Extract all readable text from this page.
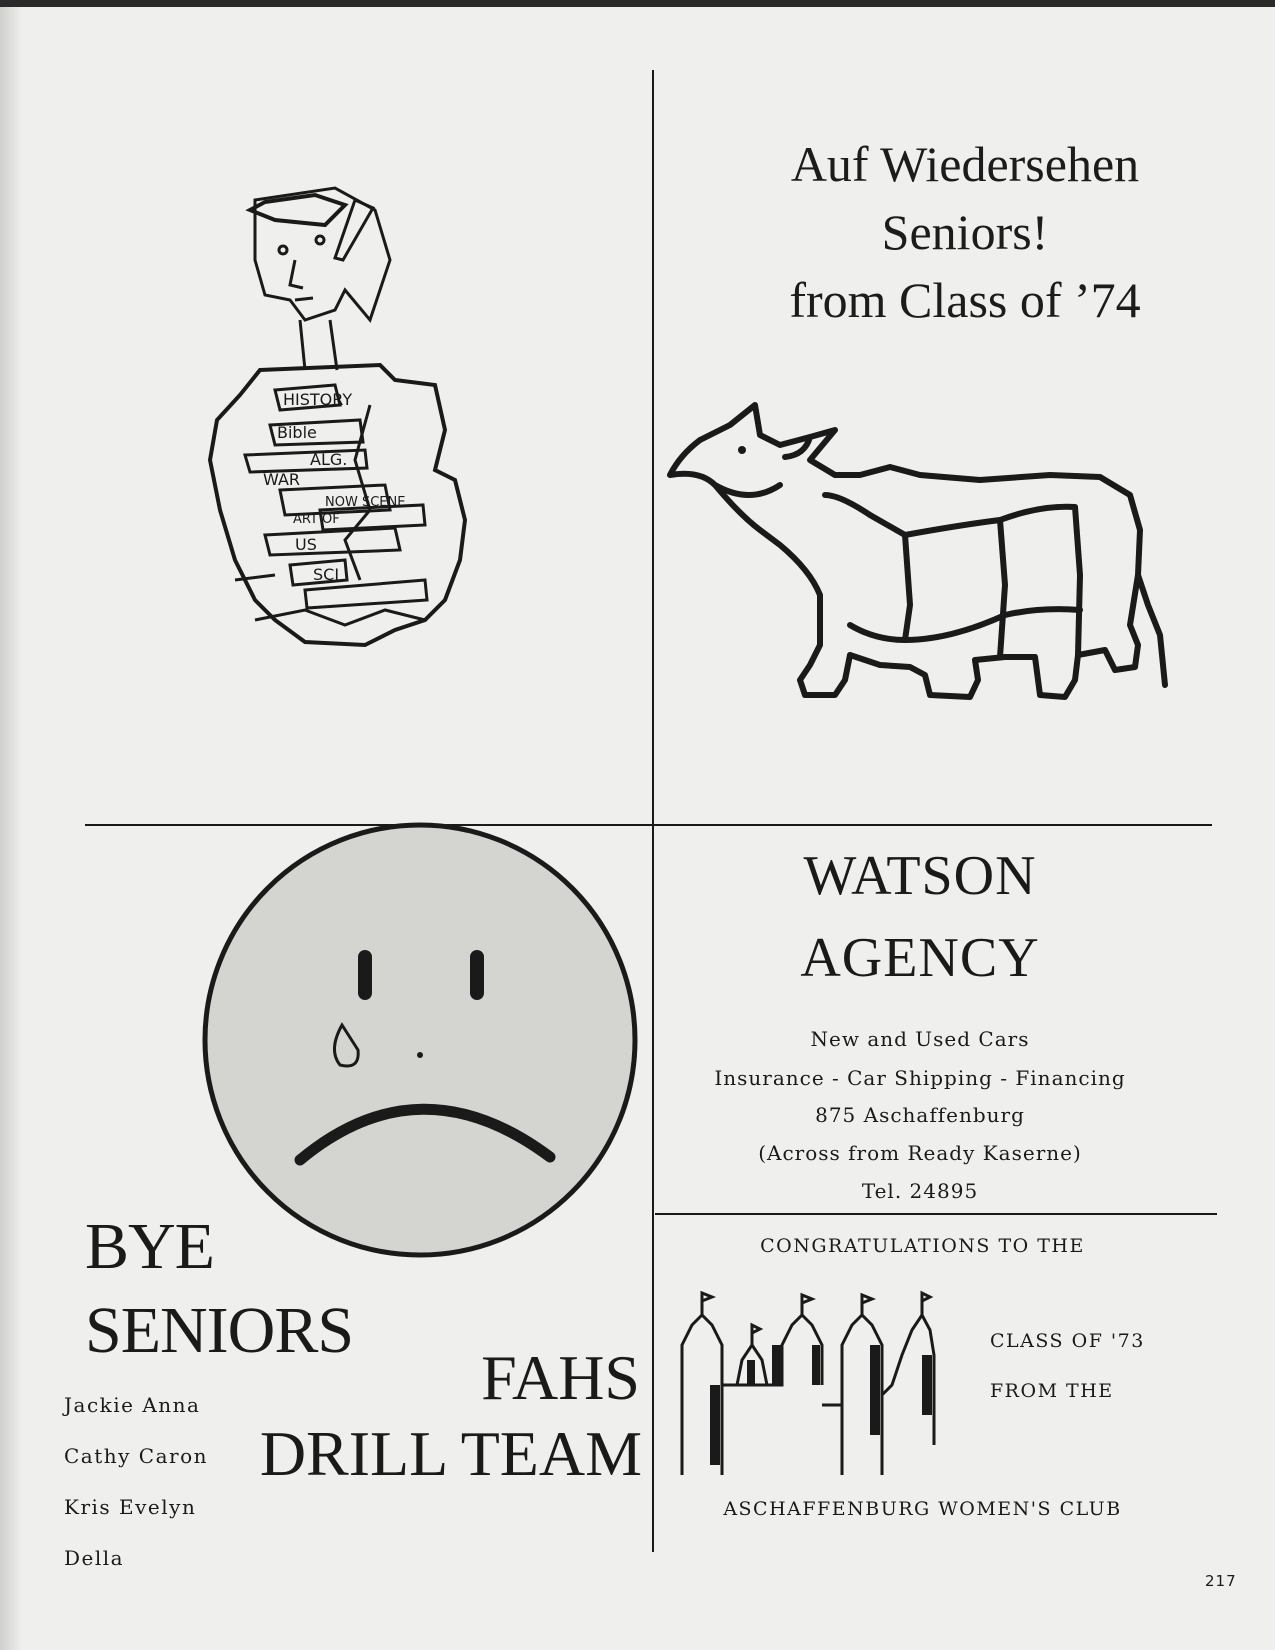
HISTORY
Bible
ALG.
WAR
NOW SCENE
ART OF
US
SCI
Auf Wiedersehen
Seniors!
from Class of ’74
BYE
SENIORS
FAHS
DRILL TEAM
Jackie Anna
Cathy Caron
Kris Evelyn
Della
WATSON
AGENCY
New and Used Cars
Insurance - Car Shipping - Financing
875 Aschaffenburg
(Across from Ready Kaserne)
Tel. 24895
CONGRATULATIONS TO THE
CLASS OF '73
FROM THE
ASCHAFFENBURG WOMEN'S CLUB
217
